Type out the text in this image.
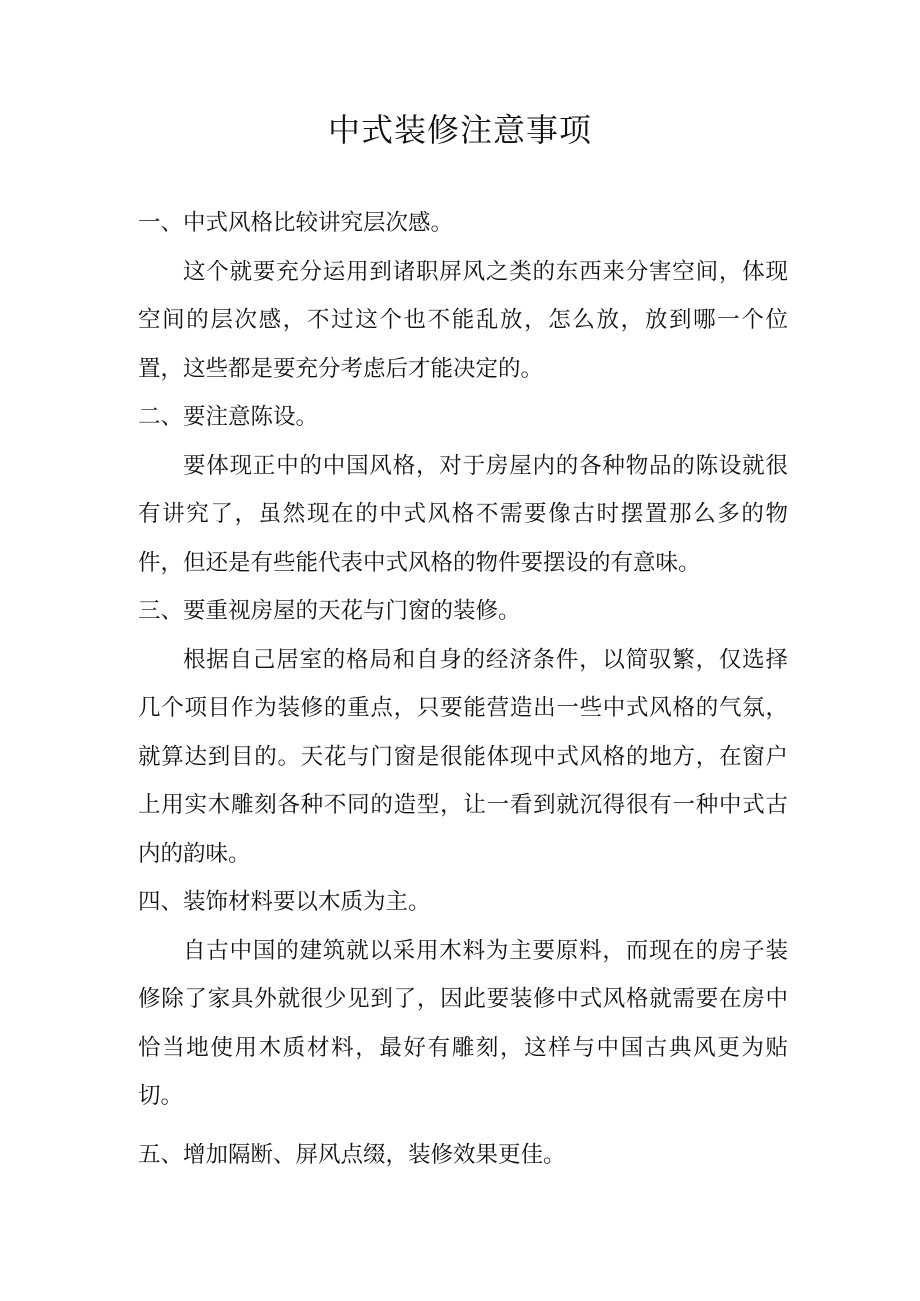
中式装修注意事项

一、中式风格比较讲究层次感。

这个就要充分运用到诸职屏风之类的东西来分害空间，体现空间的层次感，不过这个也不能乱放，怎么放，放到哪一个位置，这些都是要充分考虑后才能决定的。

二、要注意陈设。

要体现正中的中国风格，对于房屋内的各种物品的陈设就很有讲究了，虽然现在的中式风格不需要像古时摆置那么多的物件，但还是有些能代表中式风格的物件要摆设的有意味。

三、要重视房屋的天花与门窗的装修。

根据自己居室的格局和自身的经济条件，以简驭繁，仅选择几个项目作为装修的重点，只要能营造出一些中式风格的气氛，就算达到目的。天花与门窗是很能体现中式风格的地方，在窗户上用实木雕刻各种不同的造型，让一看到就沉得很有一种中式古内的韵味。

四、装饰材料要以木质为主。

自古中国的建筑就以采用木料为主要原料，而现在的房子装修除了家具外就很少见到了，因此要装修中式风格就需要在房中恰当地使用木质材料，最好有雕刻，这样与中国古典风更为贴切。

五、增加隔断、屏风点缀，装修效果更佳。
